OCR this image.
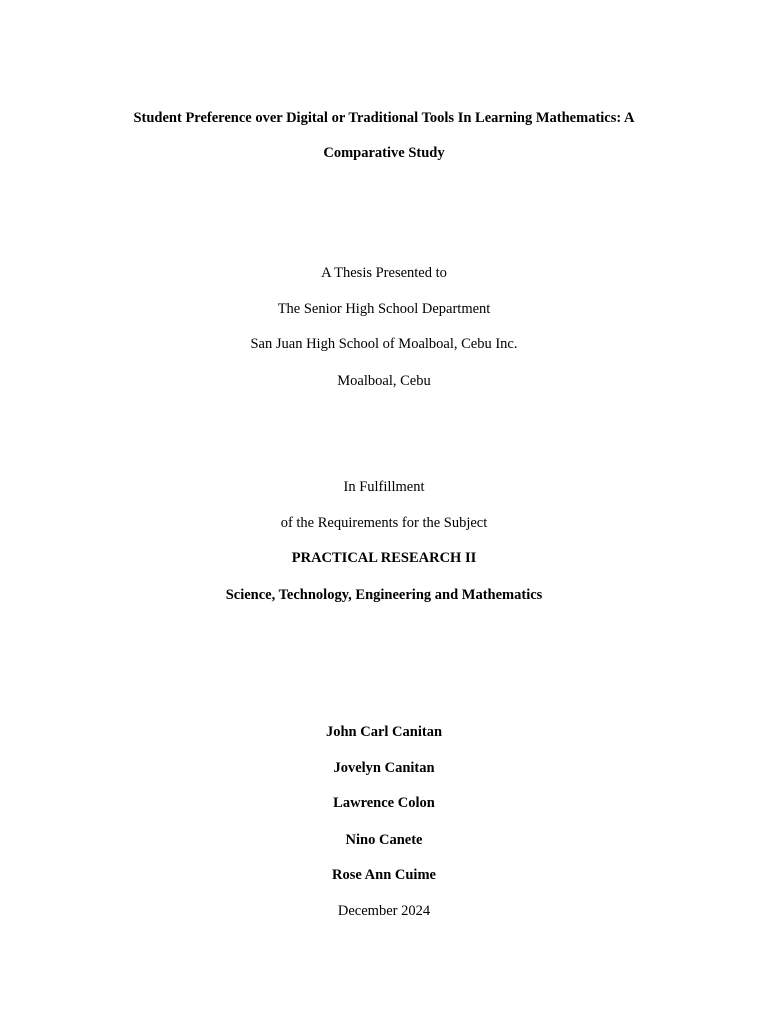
Student Preference over Digital or Traditional Tools In Learning Mathematics: A
Comparative Study
A Thesis Presented to
The Senior High School Department
San Juan High School of Moalboal, Cebu Inc.
Moalboal, Cebu
In Fulfillment
of the Requirements for the Subject
PRACTICAL RESEARCH II
Science, Technology, Engineering and Mathematics
John Carl Canitan
Jovelyn Canitan
Lawrence Colon
Nino Canete
Rose Ann Cuime
December 2024
